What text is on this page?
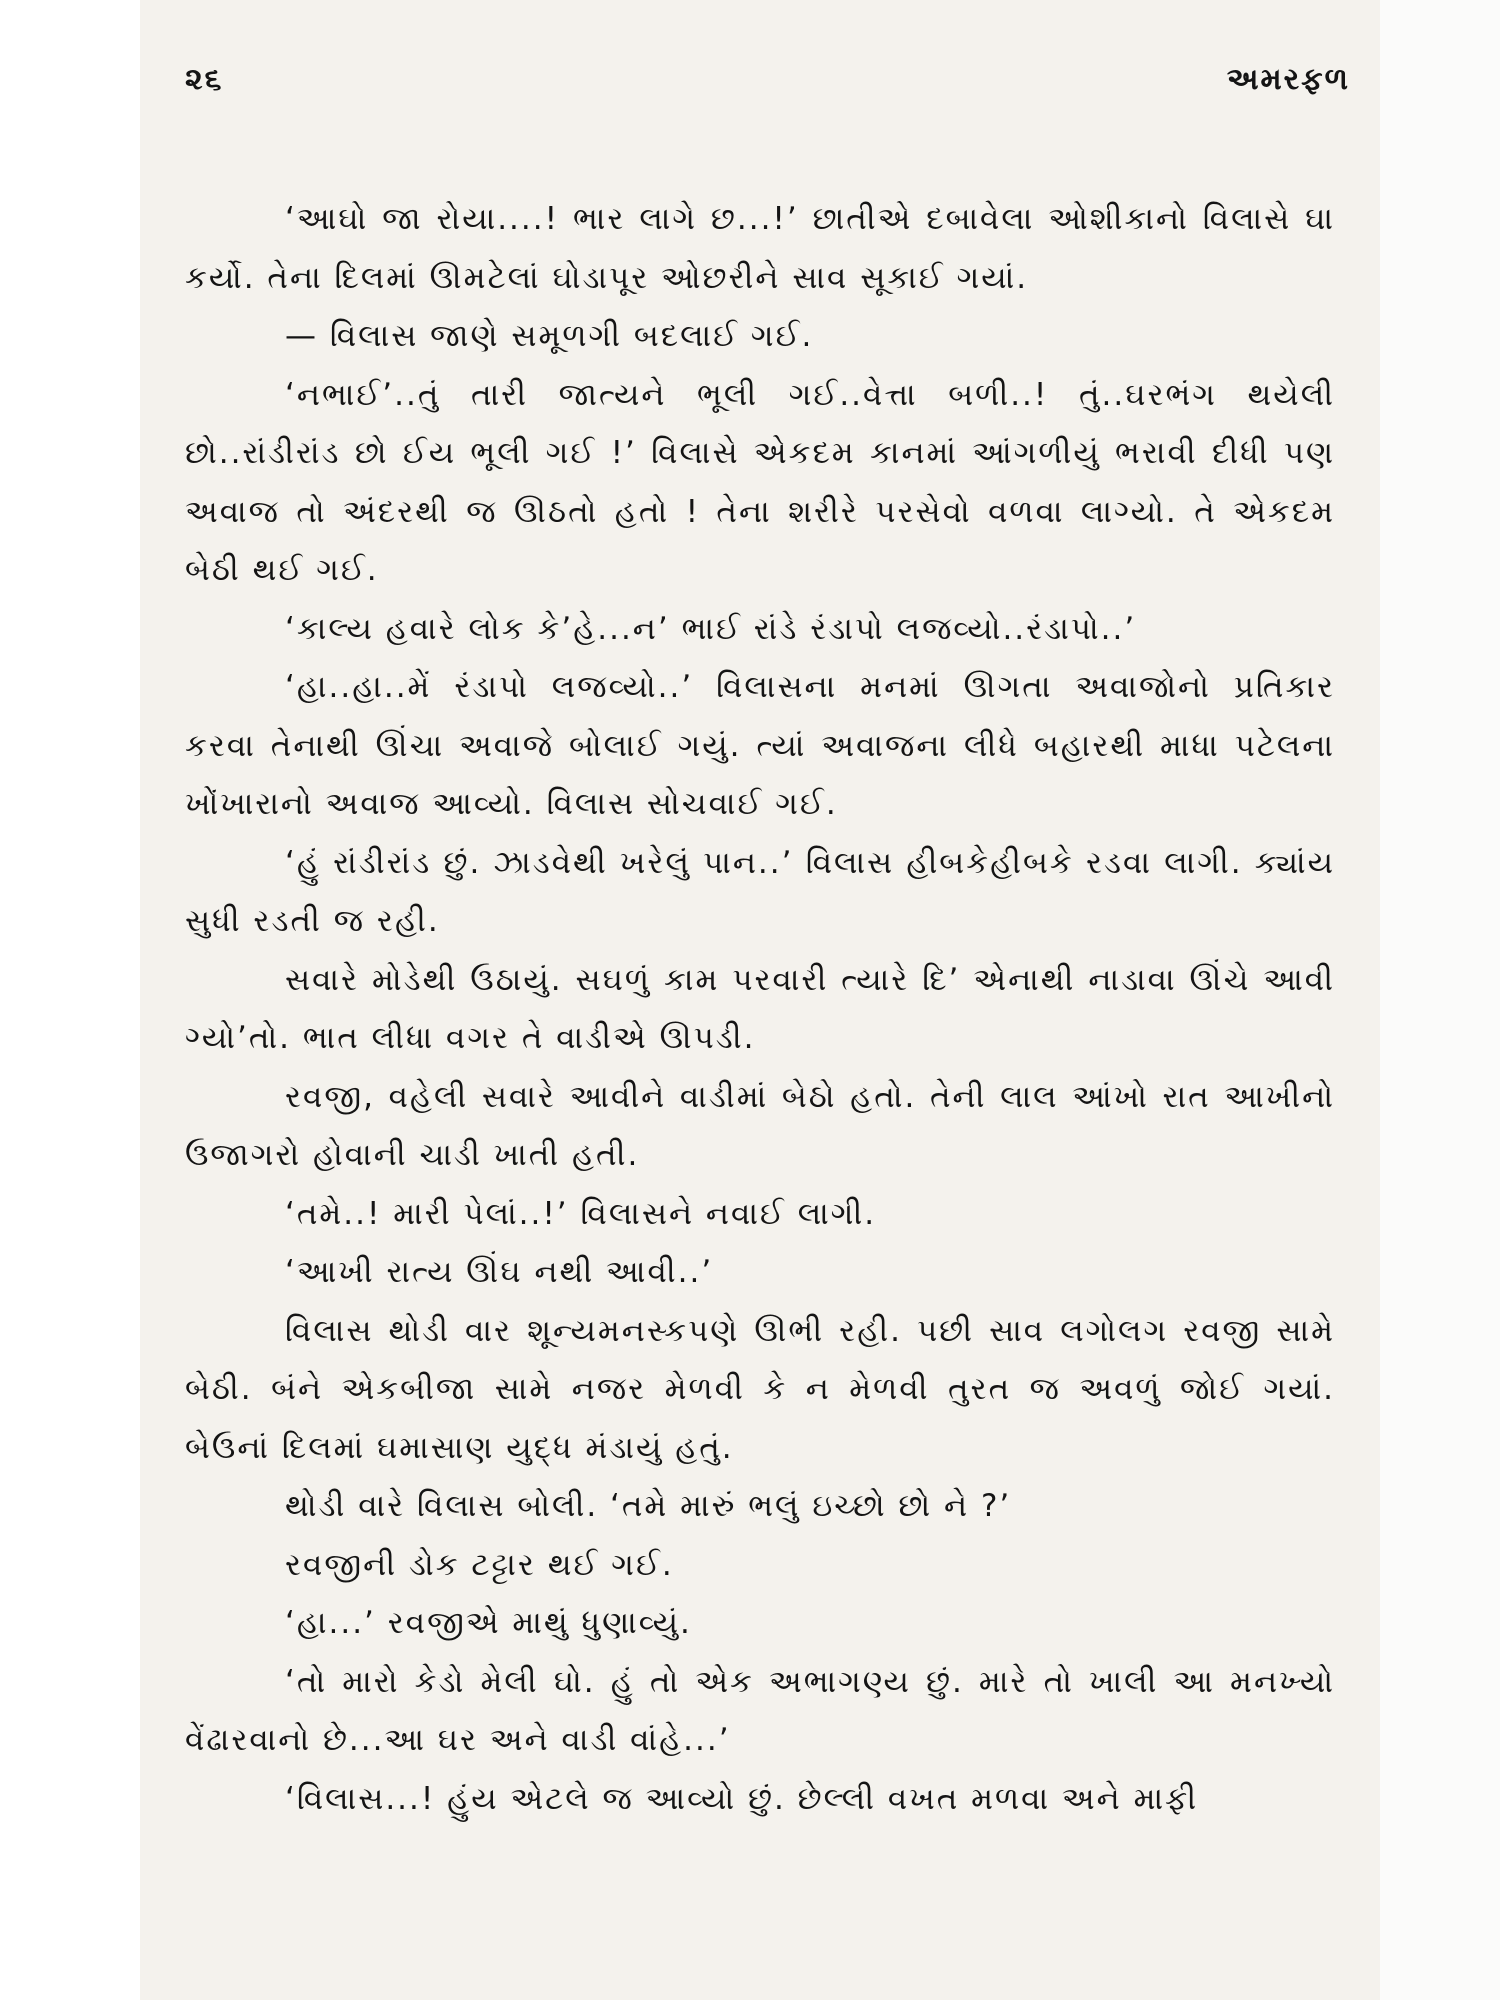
૨૬	અમરફળ

‘આઘો જા રોયા....! ભાર લાગે છ...!’ છાતીએ દબાવેલા ઓશીકાનો વિલાસે ઘા કર્યો. તેના દિલમાં ઊમટેલાં ઘોડાપૂર ઓછરીને સાવ સૂકાઈ ગયાં.

— વિલાસ જાણે સમૂળગી બદલાઈ ગઈ.

‘નભાઈ’..તું તારી જાત્યને ભૂલી ગઈ..વેત્તા બળી..! તું..ઘરભંગ થયેલી છો..રાંડીરાંડ છો ઈય ભૂલી ગઈ !’ વિલાસે એકદમ કાનમાં આંગળીયું ભરાવી દીધી પણ અવાજ તો અંદરથી જ ઊઠતો હતો ! તેના શરીરે પરસેવો વળવા લાગ્યો. તે એકદમ બેઠી થઈ ગઈ.

‘કાલ્ય હવારે લોક કે’હે...ન’ ભાઈ રાંડે રંડાપો લજવ્યો..રંડાપો..’

‘હા..હા..મેં રંડાપો લજવ્યો..’ વિલાસના મનમાં ઊગતા અવાજોનો પ્રતિકાર કરવા તેનાથી ઊંચા અવાજે બોલાઈ ગયું. ત્યાં અવાજના લીધે બહારથી માધા પટેલના ખોંખારાનો અવાજ આવ્યો. વિલાસ સોચવાઈ ગઈ.

‘હું રાંડીરાંડ છું. ઝાડવેથી ખરેલું પાન..’ વિલાસ હીબકેહીબકે રડવા લાગી. ક્યાંય સુધી રડતી જ રહી.

સવારે મોડેથી ઉઠાયું. સઘળું કામ પરવારી ત્યારે દિ’ એનાથી નાડાવા ઊંચે આવી ગ્યો’તો. ભાત લીધા વગર તે વાડીએ ઊપડી.

રવજી, વહેલી સવારે આવીને વાડીમાં બેઠો હતો. તેની લાલ આંખો રાત આખીનો ઉજાગરો હોવાની ચાડી ખાતી હતી.

‘તમે..! મારી પેલાં..!’ વિલાસને નવાઈ લાગી.

‘આખી રાત્ય ઊંઘ નથી આવી..’

વિલાસ થોડી વાર શૂન્યમનસ્કપણે ઊભી રહી. પછી સાવ લગોલગ રવજી સામે બેઠી. બંને એકબીજા સામે નજર મેળવી કે ન મેળવી તુરત જ અવળું જોઈ ગયાં. બેઉનાં દિલમાં ઘમાસાણ યુદ્ધ મંડાયું હતું.

થોડી વારે વિલાસ બોલી. ‘તમે મારું ભલું ઇચ્છો છો ને ?’

રવજીની ડોક ટટ્ટાર થઈ ગઈ.

‘હા...’ રવજીએ માથું ધુણાવ્યું.

‘તો મારો કેડો મેલી ઘો. હું તો એક અભાગણ્ય છું. મારે તો ખાલી આ મનખ્યો વેંઢારવાનો છે...આ ઘર અને વાડી વાંહે...’

‘વિલાસ...! હુંય એટલે જ આવ્યો છું. છેલ્લી વખત મળવા અને માફી
